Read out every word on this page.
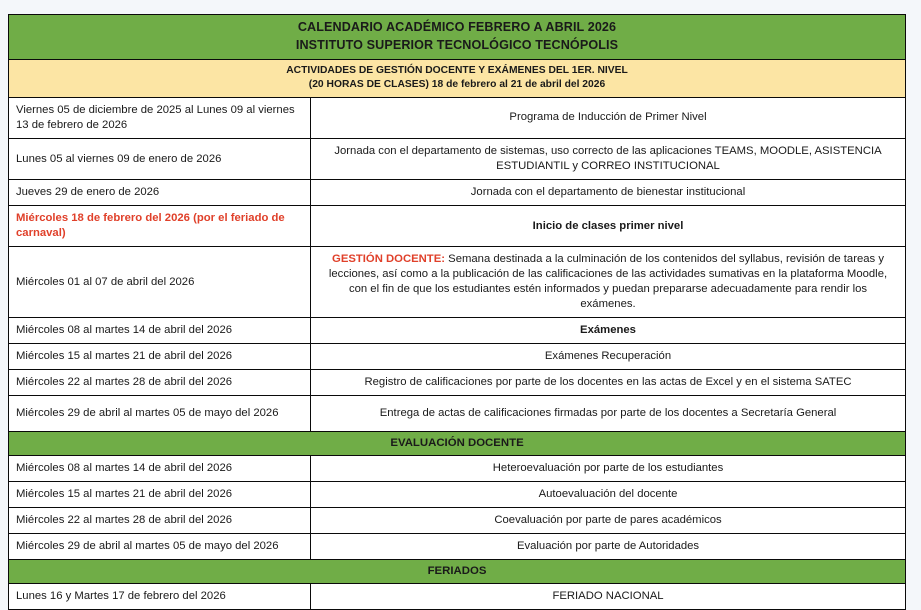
CALENDARIO ACADÉMICO FEBRERO A ABRIL 2026
INSTITUTO SUPERIOR TECNOLÓGICO TECNÓPOLIS	

ACTIVIDADES DE GESTIÓN DOCENTE Y EXÁMENES DEL 1ER. NIVEL
(20 HORAS DE CLASES) 18 de febrero al 21 de abril del 2026	

Viernes 05 de diciembre de 2025 al Lunes 09 al viernes 13 de febrero de 2026	Programa de Inducción de Primer Nivel

Lunes 05 al viernes 09 de enero de 2026	Jornada con el departamento de sistemas, uso correcto de las aplicaciones TEAMS, MOODLE, ASISTENCIA ESTUDIANTIL y CORREO INSTITUCIONAL

Jueves 29 de enero de 2026	Jornada con el departamento de bienestar institucional

Miércoles 18 de febrero del 2026 (por el feriado de carnaval)	Inicio de clases primer nivel

Miércoles 01 al 07 de abril del 2026	GESTIÓN DOCENTE: Semana destinada a la culminación de los contenidos del syllabus, revisión de tareas y lecciones, así como a la publicación de las calificaciones de las actividades sumativas en la plataforma Moodle, con el fin de que los estudiantes estén informados y puedan prepararse adecuadamente para rendir los exámenes.

Miércoles 08 al martes 14 de abril del 2026	Exámenes

Miércoles 15 al martes 21 de abril del 2026	Exámenes Recuperación

Miércoles 22 al martes 28 de abril del 2026	Registro de calificaciones por parte de los docentes en las actas de Excel y en el sistema SATEC

Miércoles 29 de abril al martes 05 de mayo del 2026	Entrega de actas de calificaciones firmadas por parte de los docentes a Secretaría General

EVALUACIÓN DOCENTE	

Miércoles 08 al martes 14 de abril del 2026	Heteroevaluación por parte de los estudiantes

Miércoles 15 al martes 21 de abril del 2026	Autoevaluación del docente

Miércoles 22 al martes 28 de abril del 2026	Coevaluación por parte de pares académicos

Miércoles 29 de abril al martes 05 de mayo del 2026	Evaluación por parte de Autoridades

FERIADOS	

Lunes 16 y Martes 17 de febrero del 2026	FERIADO NACIONAL
